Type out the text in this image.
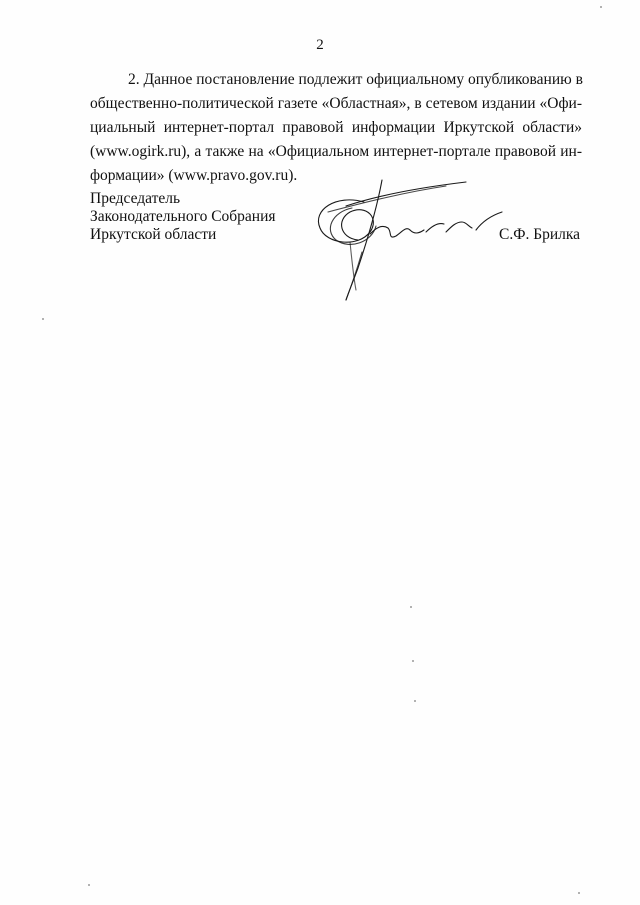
2
2. Данное постановление подлежит официальному опубликованию в
общественно-политической газете «Областная», в сетевом издании «Офи-
циальный интернет-портал правовой информации Иркутской области»
(www.ogirk.ru), а также на «Официальном интернет-портале правовой ин-
формации» (www.pravo.gov.ru).
Председатель
Законодательного Собрания
Иркутской области	С.Ф. Брилка
